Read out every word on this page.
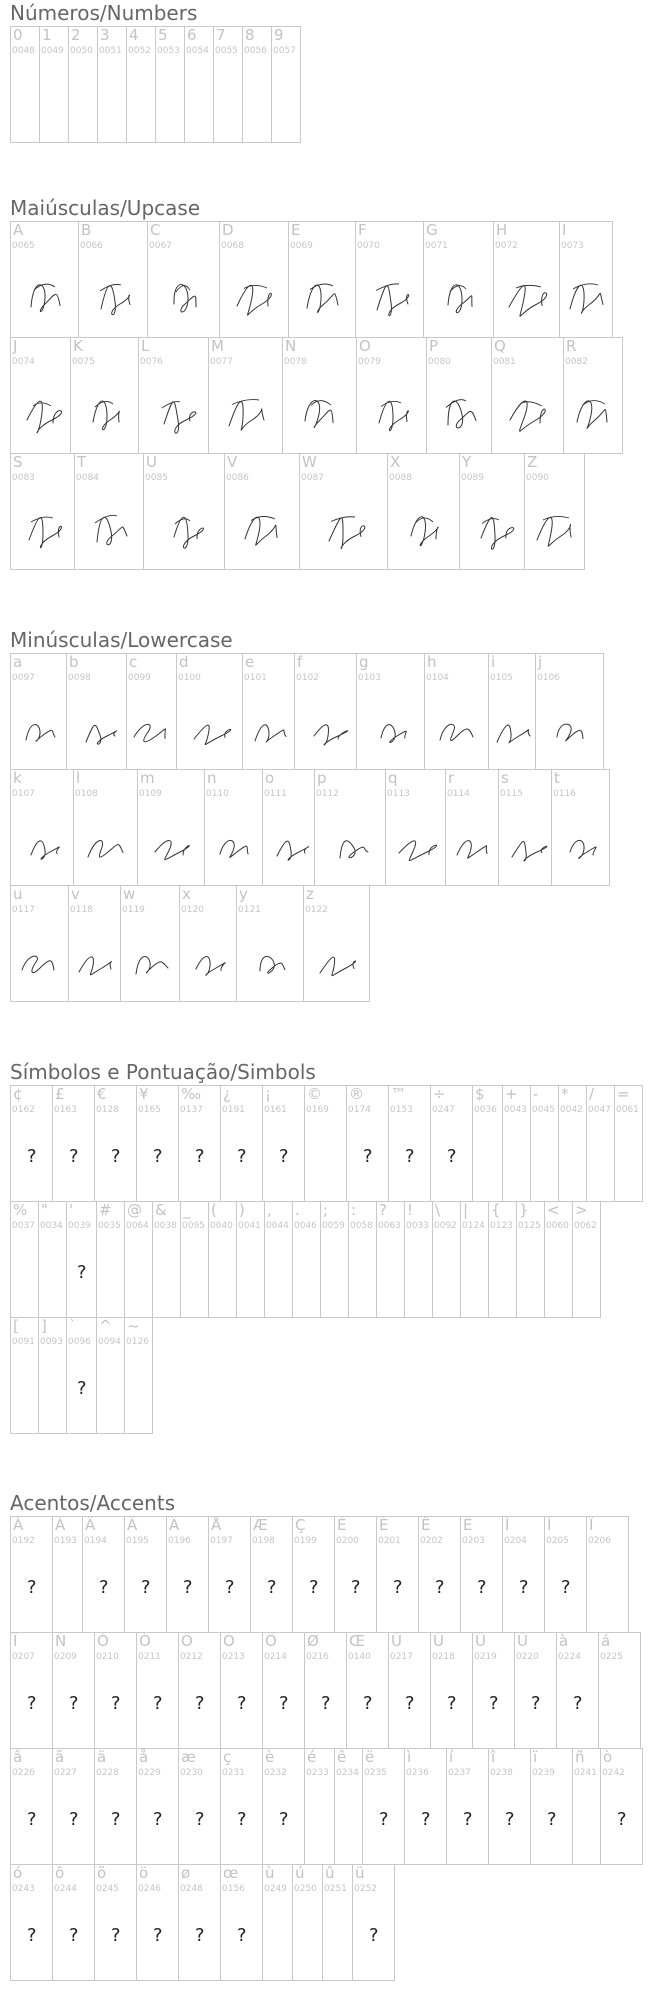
Números/Numbers
0
0048
1
0049
2
0050
3
0051
4
0052
5
0053
6
0054
7
0055
8
0056
9
0057
Maiúsculas/Upcase
A
0065
B
0066
C
0067
D
0068
E
0069
F
0070
G
0071
H
0072
I
0073
J
0074
K
0075
L
0076
M
0077
N
0078
O
0079
P
0080
Q
0081
R
0082
S
0083
T
0084
U
0085
V
0086
W
0087
X
0088
Y
0089
Z
0090
Minúsculas/Lowercase
a
0097
b
0098
c
0099
d
0100
e
0101
f
0102
g
0103
h
0104
i
0105
j
0106
k
0107
l
0108
m
0109
n
0110
o
0111
p
0112
q
0113
r
0114
s
0115
t
0116
u
0117
v
0118
w
0119
x
0120
y
0121
z
0122
Símbolos e Pontuação/Simbols
¢
0162
?
£
0163
?
€
0128
?
¥
0165
?
‰
0137
?
¿
0191
?
¡
0161
?
©
0169
®
0174
?
™
0153
?
÷
0247
?
$
0036
+
0043
-
0045
*
0042
/
0047
=
0061
%
0037
"
0034
'
0039
?
#
0035
@
0064
&
0038
_
0095
(
0040
)
0041
,
0044
.
0046
;
0059
:
0058
?
0063
!
0033
\
0092
|
0124
{
0123
}
0125
<
0060
>
0062
[
0091
]
0093
`
0096
?
^
0094
~
0126
Acentos/Accents
À
0192
?
Á
0193
Â
0194
?
Ã
0195
?
Ä
0196
?
Å
0197
?
Æ
0198
?
Ç
0199
?
È
0200
?
É
0201
?
Ê
0202
?
Ë
0203
?
Ì
0204
?
Í
0205
?
Î
0206
Ï
0207
?
Ñ
0209
?
Ò
0210
?
Ó
0211
?
Ô
0212
?
Õ
0213
?
Ö
0214
?
Ø
0216
?
Œ
0140
?
Ù
0217
?
Ú
0218
?
Û
0219
?
Ü
0220
?
à
0224
?
á
0225
â
0226
?
ã
0227
?
ä
0228
?
å
0229
?
æ
0230
?
ç
0231
?
è
0232
?
é
0233
ê
0234
ë
0235
?
ì
0236
?
í
0237
?
î
0238
?
ï
0239
?
ñ
0241
ò
0242
?
ó
0243
?
ô
0244
?
õ
0245
?
ö
0246
?
ø
0248
?
œ
0156
?
ù
0249
ú
0250
û
0251
ü
0252
?
